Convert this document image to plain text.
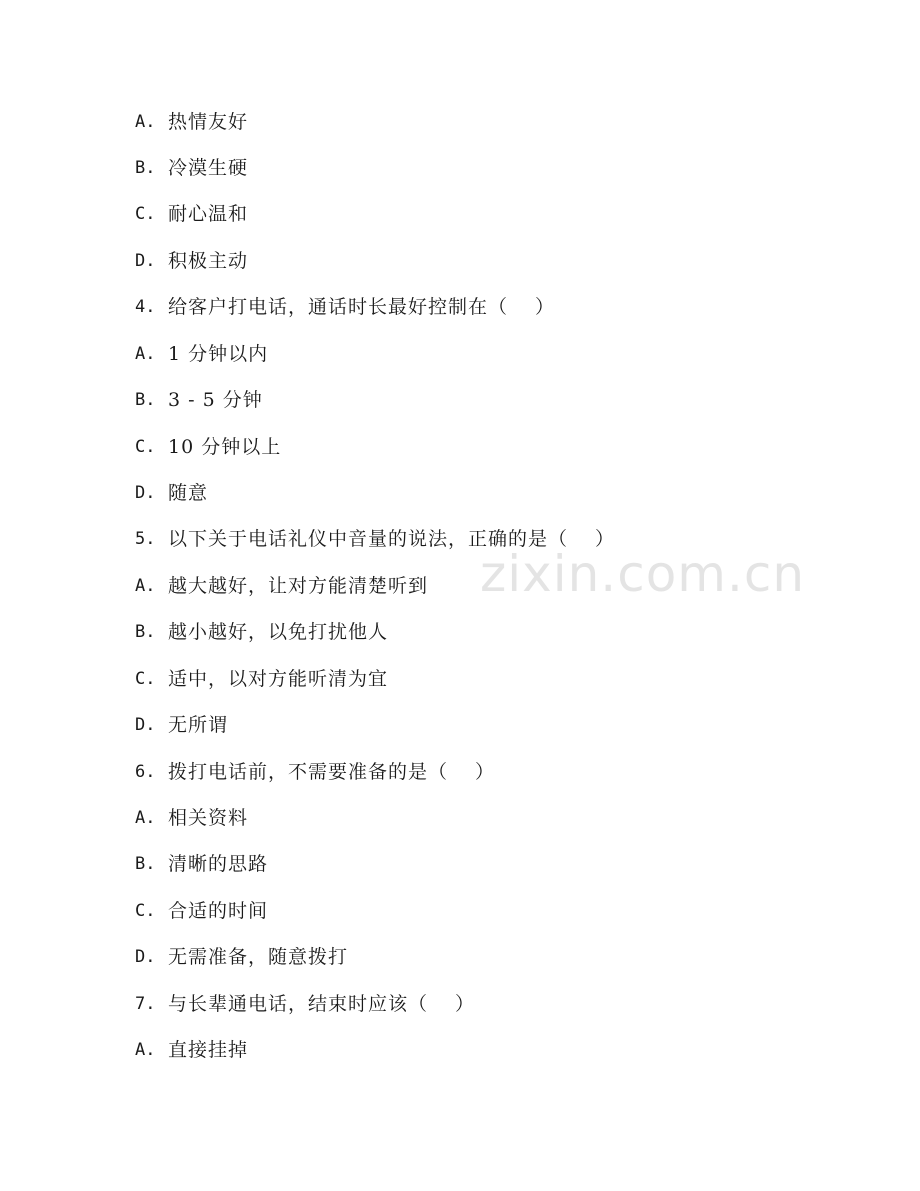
A. 热情友好
B. 冷漠生硬
C. 耐心温和
D. 积极主动
4. 给客户打电话，通话时长最好控制在（　 ）
A. 1 分钟以内
B. 3 - 5 分钟
C. 10 分钟以上
D. 随意
5. 以下关于电话礼仪中音量的说法，正确的是（　 ）
A. 越大越好，让对方能清楚听到
B. 越小越好，以免打扰他人
C. 适中，以对方能听清为宜
D. 无所谓
6. 拨打电话前，不需要准备的是（　 ）
A. 相关资料
B. 清晰的思路
C. 合适的时间
D. 无需准备，随意拨打
7. 与长辈通电话，结束时应该（　 ）
A. 直接挂掉
zixin.com.cn
